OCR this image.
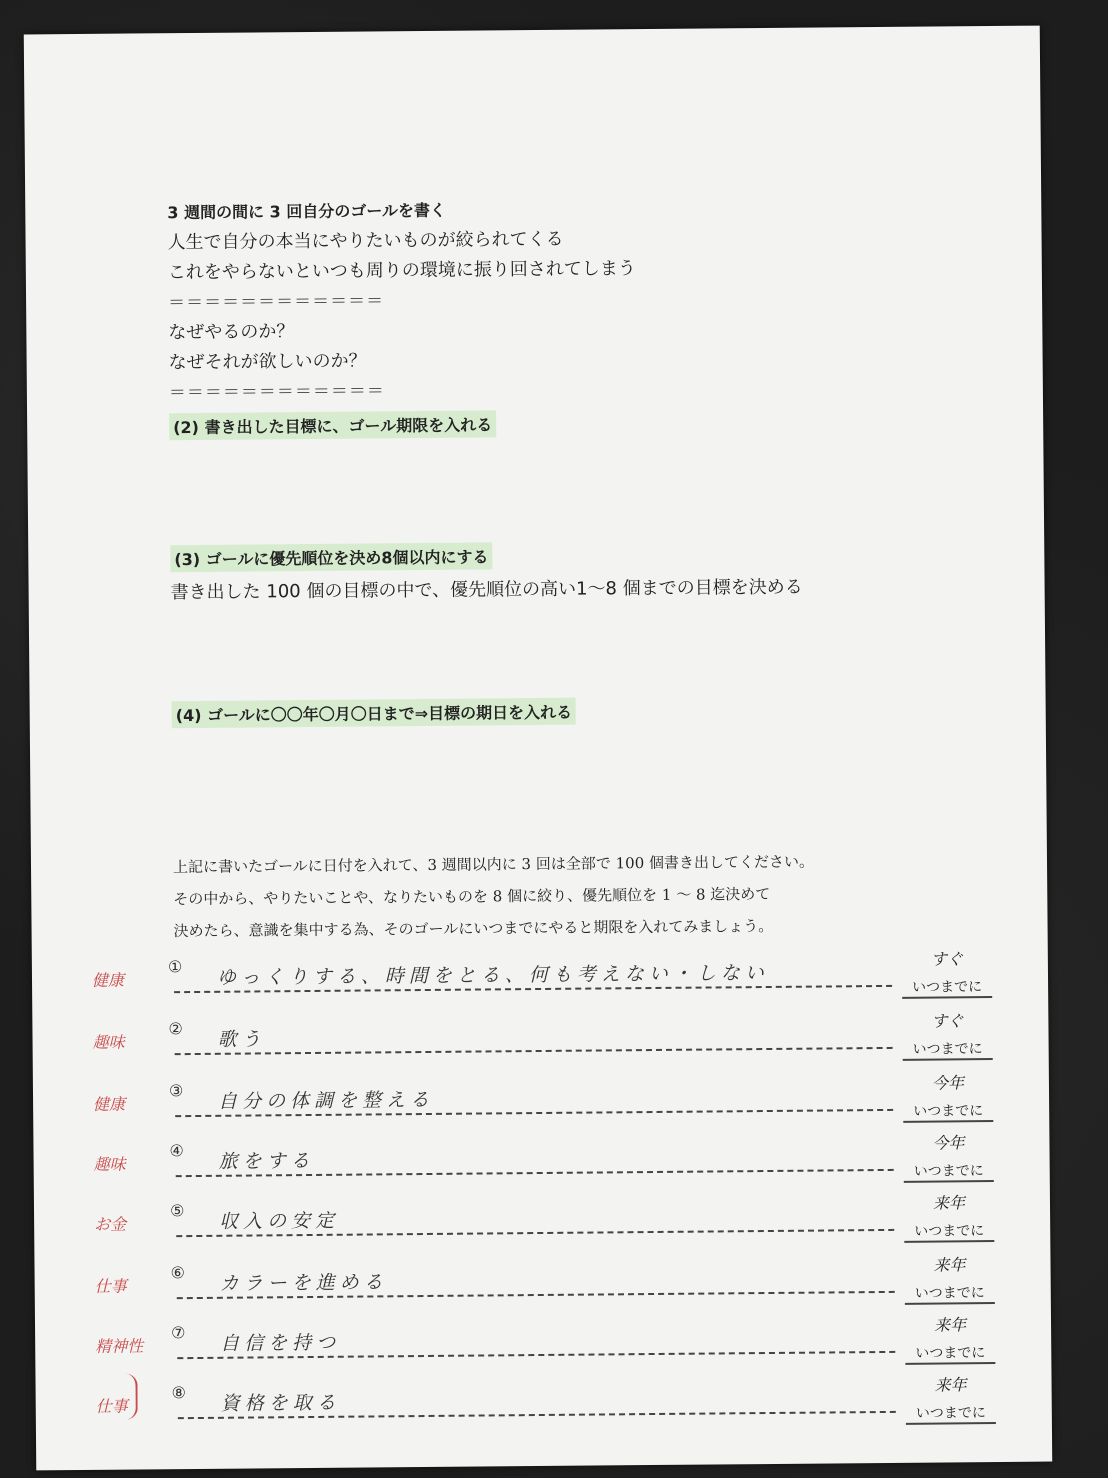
3 週間の間に 3 回自分のゴールを書く
人生で自分の本当にやりたいものが絞られてくる
これをやらないといつも周りの環境に振り回されてしまう
＝＝＝＝＝＝＝＝＝＝＝＝
なぜやるのか？
なぜそれが欲しいのか？
＝＝＝＝＝＝＝＝＝＝＝＝
(2) 書き出した目標に、ゴール期限を入れる
(3) ゴールに優先順位を決め8個以内にする
書き出した 100 個の目標の中で、優先順位の高い1～8 個までの目標を決める
(4) ゴールに〇〇年〇月〇日まで⇒目標の期日を入れる
上記に書いたゴールに日付を入れて、3 週間以内に 3 回は全部で 100 個書き出してください。
その中から、やりたいことや、なりたいものを 8 個に絞り、優先順位を 1 ～ 8 迄決めて
決めたら、意識を集中する為、そのゴールにいつまでにやると期限を入れてみましょう。
健康
① ゆっくりする、時間をとる、何も考えない・しない
すぐ
いつまでに
趣味
② 歌う
すぐ
いつまでに
健康
③ 自分の体調を整える
今年
いつまでに
趣味
④ 旅をする
今年
いつまでに
お金
⑤ 収入の安定
来年
いつまでに
仕事
⑥ カラーを進める
来年
いつまでに
精神性
⑦ 自信を持つ
来年
いつまでに
仕事
⑧ 資格を取る
来年
いつまでに
